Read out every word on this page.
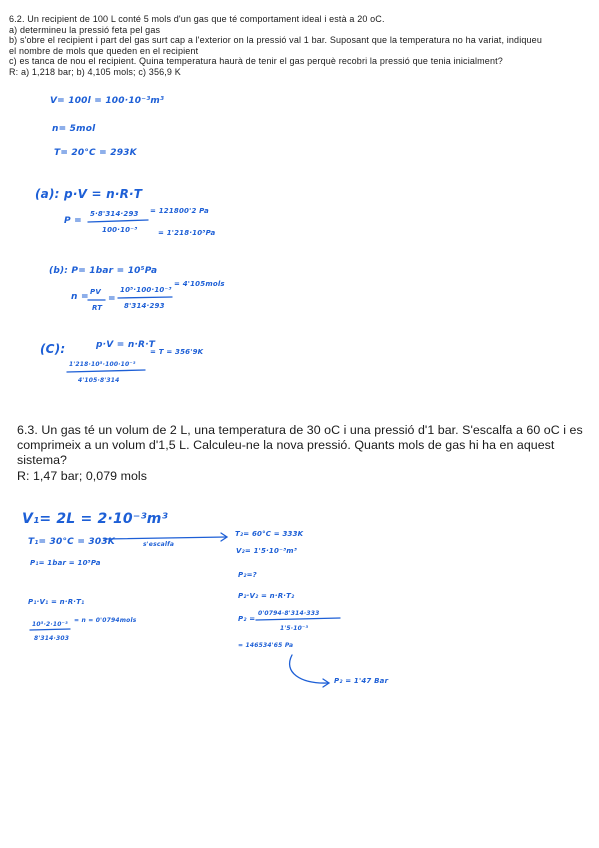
6.2. Un recipient de 100 L conté 5 mols d'un gas que té comportament ideal i està a 20 oC.
a) determineu la pressió feta pel gas
b) s'obre el recipient i part del gas surt cap a l'exterior on la pressió val 1 bar. Suposant que la temperatura no ha variat, indiqueu
el nombre de mols que queden en el recipient
c) es tanca de nou el recipient. Quina temperatura haurà de tenir el gas perquè recobri la pressió que tenia inicialment?
R: a) 1,218 bar; b) 4,105 mols; c) 356,9 K
V= 100l = 100·10⁻³m³
n= 5mol
T= 20°C = 293K
(a): p·V = n·R·T
P =
5·8'314·293
100·10⁻³
= 121800'2 Pa
= 1'218·10⁵Pa
(b): P= 1bar = 10⁵Pa
n = PV
RT
=
10⁵·100·10⁻³
8'314·293
= 4'105mols
(C):	p·V = n·R·T
1'218·10⁵·100·10⁻³
4'105·8'314
= T = 356'9K
6.3. Un gas té un volum de 2 L, una temperatura de 30 oC i una pressió d'1 bar. S'escalfa a 60 oC i es comprimeix a un volum d'1,5 L. Calculeu-ne la nova pressió. Quants mols de gas hi ha en aquest sistema?
R: 1,47 bar; 0,079 mols
V₁= 2L = 2·10⁻³m³
T₁= 30°C = 303K
P₁= 1bar = 10⁵Pa
s'escalfa
T₂= 60°C = 333K
V₂= 1'5·10⁻³m³
P₂=?
P₁·V₁ = n·R·T₁
10⁵·2·10⁻³
8'314·303
= n = 0'0794mols
P₂·V₂ = n·R·T₂
P₂ =
0'0794·8'314·333
1'5·10⁻³
= 146534'65 Pa
P₂ = 1'47 Bar
